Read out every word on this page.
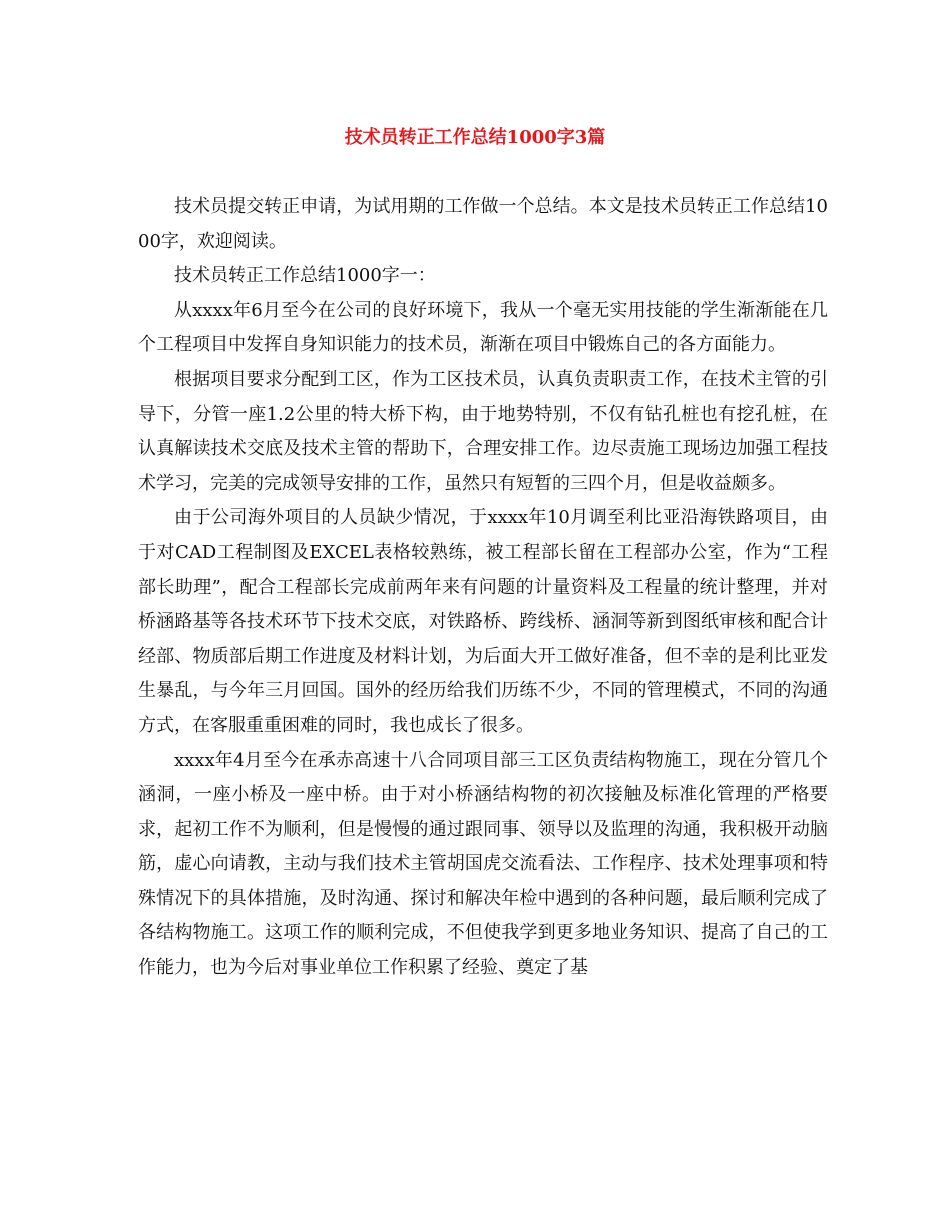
技术员转正工作总结1000字3篇

技术员提交转正申请，为试用期的工作做一个总结。本文是技术员转正工作总结1000字，欢迎阅读。

技术员转正工作总结1000字一：

从xxxx年6月至今在公司的良好环境下，我从一个毫无实用技能的学生渐渐能在几个工程项目中发挥自身知识能力的技术员，渐渐在项目中锻炼自己的各方面能力。

根据项目要求分配到工区，作为工区技术员，认真负责职责工作，在技术主管的引导下，分管一座1.2公里的特大桥下构，由于地势特别，不仅有钻孔桩也有挖孔桩，在认真解读技术交底及技术主管的帮助下，合理安排工作。边尽责施工现场边加强工程技术学习，完美的完成领导安排的工作，虽然只有短暂的三四个月，但是收益颇多。

由于公司海外项目的人员缺少情况，于xxxx年10月调至利比亚沿海铁路项目，由于对CAD工程制图及EXCEL表格较熟练，被工程部长留在工程部办公室，作为“工程部长助理”，配合工程部长完成前两年来有问题的计量资料及工程量的统计整理，并对桥涵路基等各技术环节下技术交底，对铁路桥、跨线桥、涵洞等新到图纸审核和配合计经部、物质部后期工作进度及材料计划，为后面大开工做好准备，但不幸的是利比亚发生暴乱，与今年三月回国。国外的经历给我们历练不少，不同的管理模式，不同的沟通方式，在客服重重困难的同时，我也成长了很多。

xxxx年4月至今在承赤高速十八合同项目部三工区负责结构物施工，现在分管几个涵洞，一座小桥及一座中桥。由于对小桥涵结构物的初次接触及标准化管理的严格要求，起初工作不为顺利，但是慢慢的通过跟同事、领导以及监理的沟通，我积极开动脑筋，虚心向请教，主动与我们技术主管胡国虎交流看法、工作程序、技术处理事项和特殊情况下的具体措施，及时沟通、探讨和解决年检中遇到的各种问题，最后顺利完成了各结构物施工。这项工作的顺利完成，不但使我学到更多地业务知识、提高了自己的工作能力，也为今后对事业单位工作积累了经验、奠定了基
